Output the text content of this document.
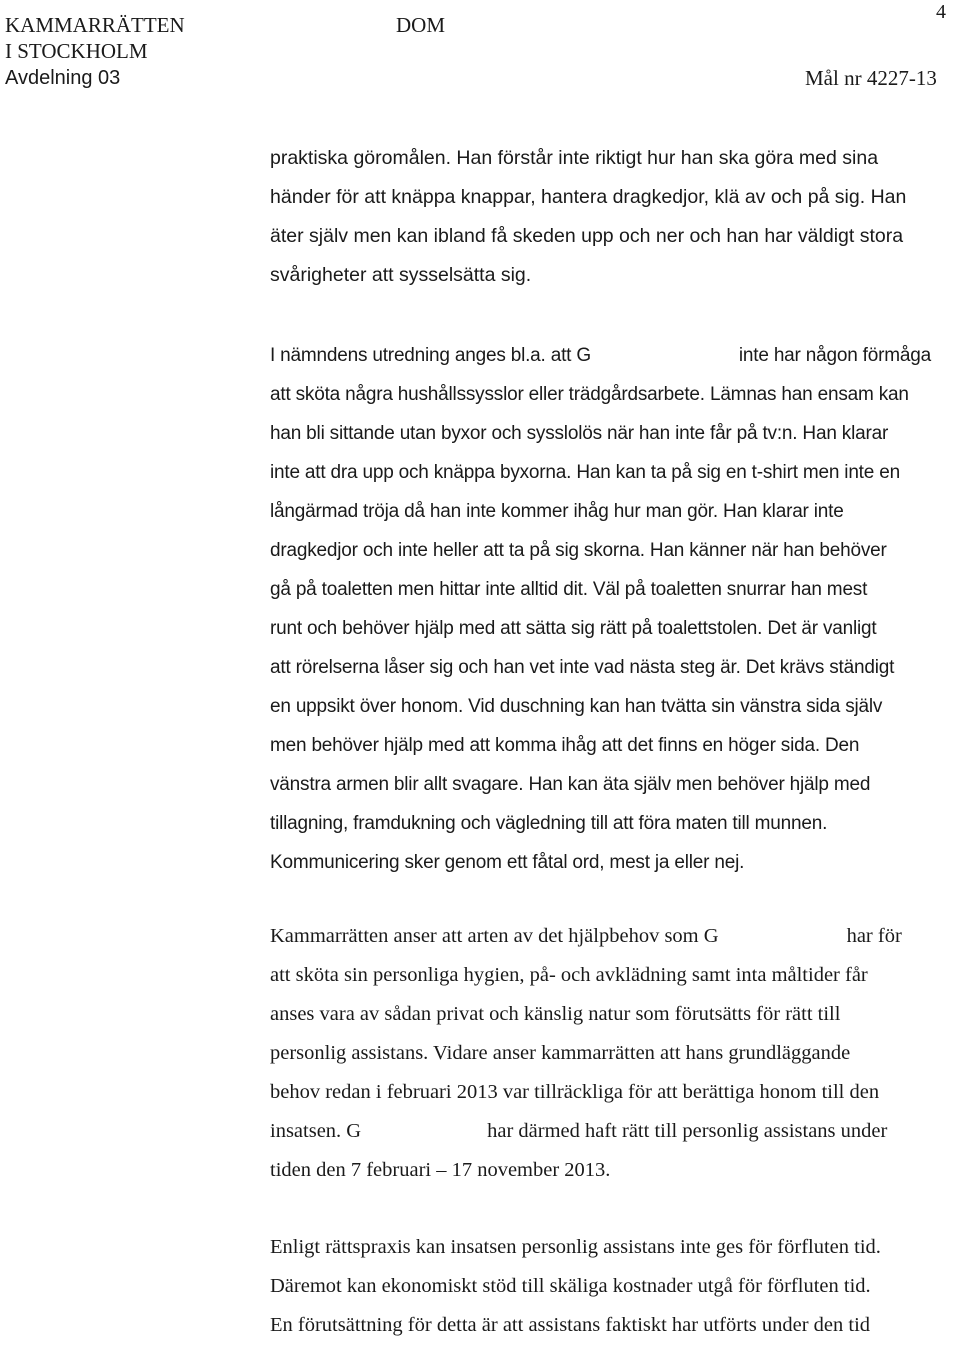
KAMMARRÄTTEN
I STOCKHOLM
Avdelning 03
DOM
4
Mål nr 4227-13
praktiska göromålen. Han förstår inte riktigt hur han ska göra med sina
händer för att knäppa knappar, hantera dragkedjor, klä av och på sig. Han
äter själv men kan ibland få skeden upp och ner och han har väldigt stora
svårigheter att sysselsätta sig.
I nämndens utredning anges bl.a. att G	inte har någon förmåga
att sköta några hushållssysslor eller trädgårdsarbete. Lämnas han ensam kan
han bli sittande utan byxor och sysslolös när han inte får på tv:n. Han klarar
inte att dra upp och knäppa byxorna. Han kan ta på sig en t-shirt men inte en
långärmad tröja då han inte kommer ihåg hur man gör. Han klarar inte
dragkedjor och inte heller att ta på sig skorna. Han känner när han behöver
gå på toaletten men hittar inte alltid dit. Väl på toaletten snurrar han mest
runt och behöver hjälp med att sätta sig rätt på toalettstolen. Det är vanligt
att rörelserna låser sig och han vet inte vad nästa steg är. Det krävs ständigt
en uppsikt över honom. Vid duschning kan han tvätta sin vänstra sida själv
men behöver hjälp med att komma ihåg att det finns en höger sida. Den
vänstra armen blir allt svagare. Han kan äta själv men behöver hjälp med
tillagning, framdukning och vägledning till att föra maten till munnen.
Kommunicering sker genom ett fåtal ord, mest ja eller nej.
Kammarrätten anser att arten av det hjälpbehov som G	har för
att sköta sin personliga hygien, på- och avklädning samt inta måltider får
anses vara av sådan privat och känslig natur som förutsätts för rätt till
personlig assistans. Vidare anser kammarrätten att hans grundläggande
behov redan i februari 2013 var tillräckliga för att berättiga honom till den
insatsen. G	har därmed haft rätt till personlig assistans under
tiden den 7 februari – 17 november 2013.
Enligt rättspraxis kan insatsen personlig assistans inte ges för förfluten tid.
Däremot kan ekonomiskt stöd till skäliga kostnader utgå för förfluten tid.
En förutsättning för detta är att assistans faktiskt har utförts under den tid
